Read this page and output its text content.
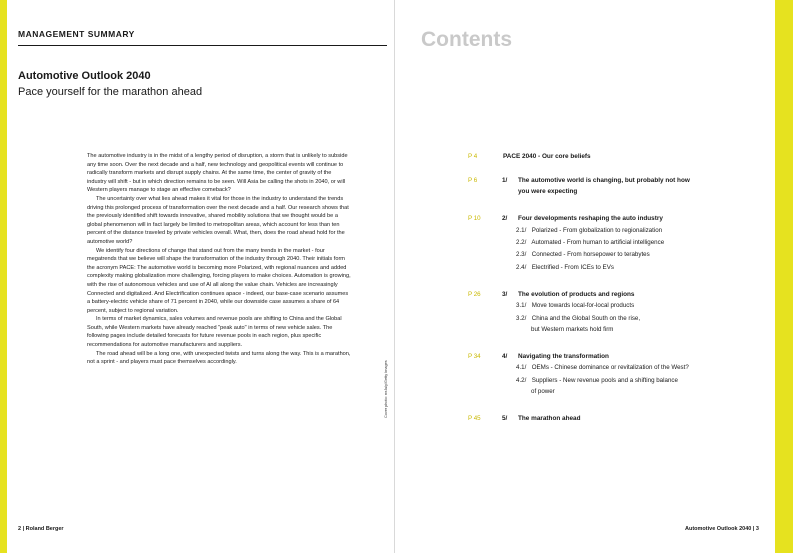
MANAGEMENT SUMMARY
Automotive Outlook 2040
Pace yourself for the marathon ahead

The automotive industry is in the midst of a lengthy period of disruption, a storm that is unlikely to subside any time soon. Over the next decade and a half, new technology and geopolitical events will continue to radically transform markets and disrupt supply chains. At the same time, the center of gravity of the industry will shift - but in which direction remains to be seen. Will Asia be calling the shots in 2040, or will Western players manage to stage an effective comeback?

The uncertainty over what lies ahead makes it vital for those in the industry to understand the trends driving this prolonged process of transformation over the next decade and a half. Our research shows that the previously identified shift towards innovative, shared mobility solutions that we thought would be a global phenomenon will in fact largely be limited to metropolitan areas, which account for less than ten percent of the distance traveled by private vehicles overall. What, then, does the road ahead hold for the automotive world?

We identify four directions of change that stand out from the many trends in the market - four megatrends that we believe will shape the transformation of the industry through 2040. Their initials form the acronym PACE: The automotive world is becoming more Polarized, with regional nuances and added complexity making globalization more challenging, forcing players to make choices. Automation is growing, with the rise of autonomous vehicles and use of AI all along the value chain. Vehicles are increasingly Connected and digitalized. And Electrification continues apace - indeed, our base-case scenario assumes a battery-electric vehicle share of 71 percent in 2040, while our downside case assumes a share of 64 percent, subject to regional variation.

In terms of market dynamics, sales volumes and revenue pools are shifting to China and the Global South, while Western markets have already reached "peak auto" in terms of new vehicle sales. The following pages include detailed forecasts for future revenue pools in each region, plus specific recommendations for automotive manufacturers and suppliers.

The road ahead will be a long one, with unexpected twists and turns along the way. This is a marathon, not a sprint - and players must pace themselves accordingly.	Cover photo: mrJuly/Getty Images
2 | Roland Berger
Contents
P 4	PACE 2040 - Our core beliefs
P 6	1/ The automotive world is changing, but probably not how you were expecting
P 10	2/ Four developments reshaping the auto industry
2.1/ Polarized - From globalization to regionalization
2.2/ Automated - From human to artificial intelligence
2.3/ Connected - From horsepower to terabytes
2.4/ Electrified - From ICEs to EVs
P 26	3/ The evolution of products and regions
3.1/ Move towards local-for-local products
3.2/ China and the Global South on the rise,
but Western markets hold firm
P 34	4/ Navigating the transformation
4.1/ OEMs - Chinese dominance or revitalization of the West?
4.2/ Suppliers - New revenue pools and a shifting balance
of power
P 45	5/ The marathon ahead
Automotive Outlook 2040 | 3
